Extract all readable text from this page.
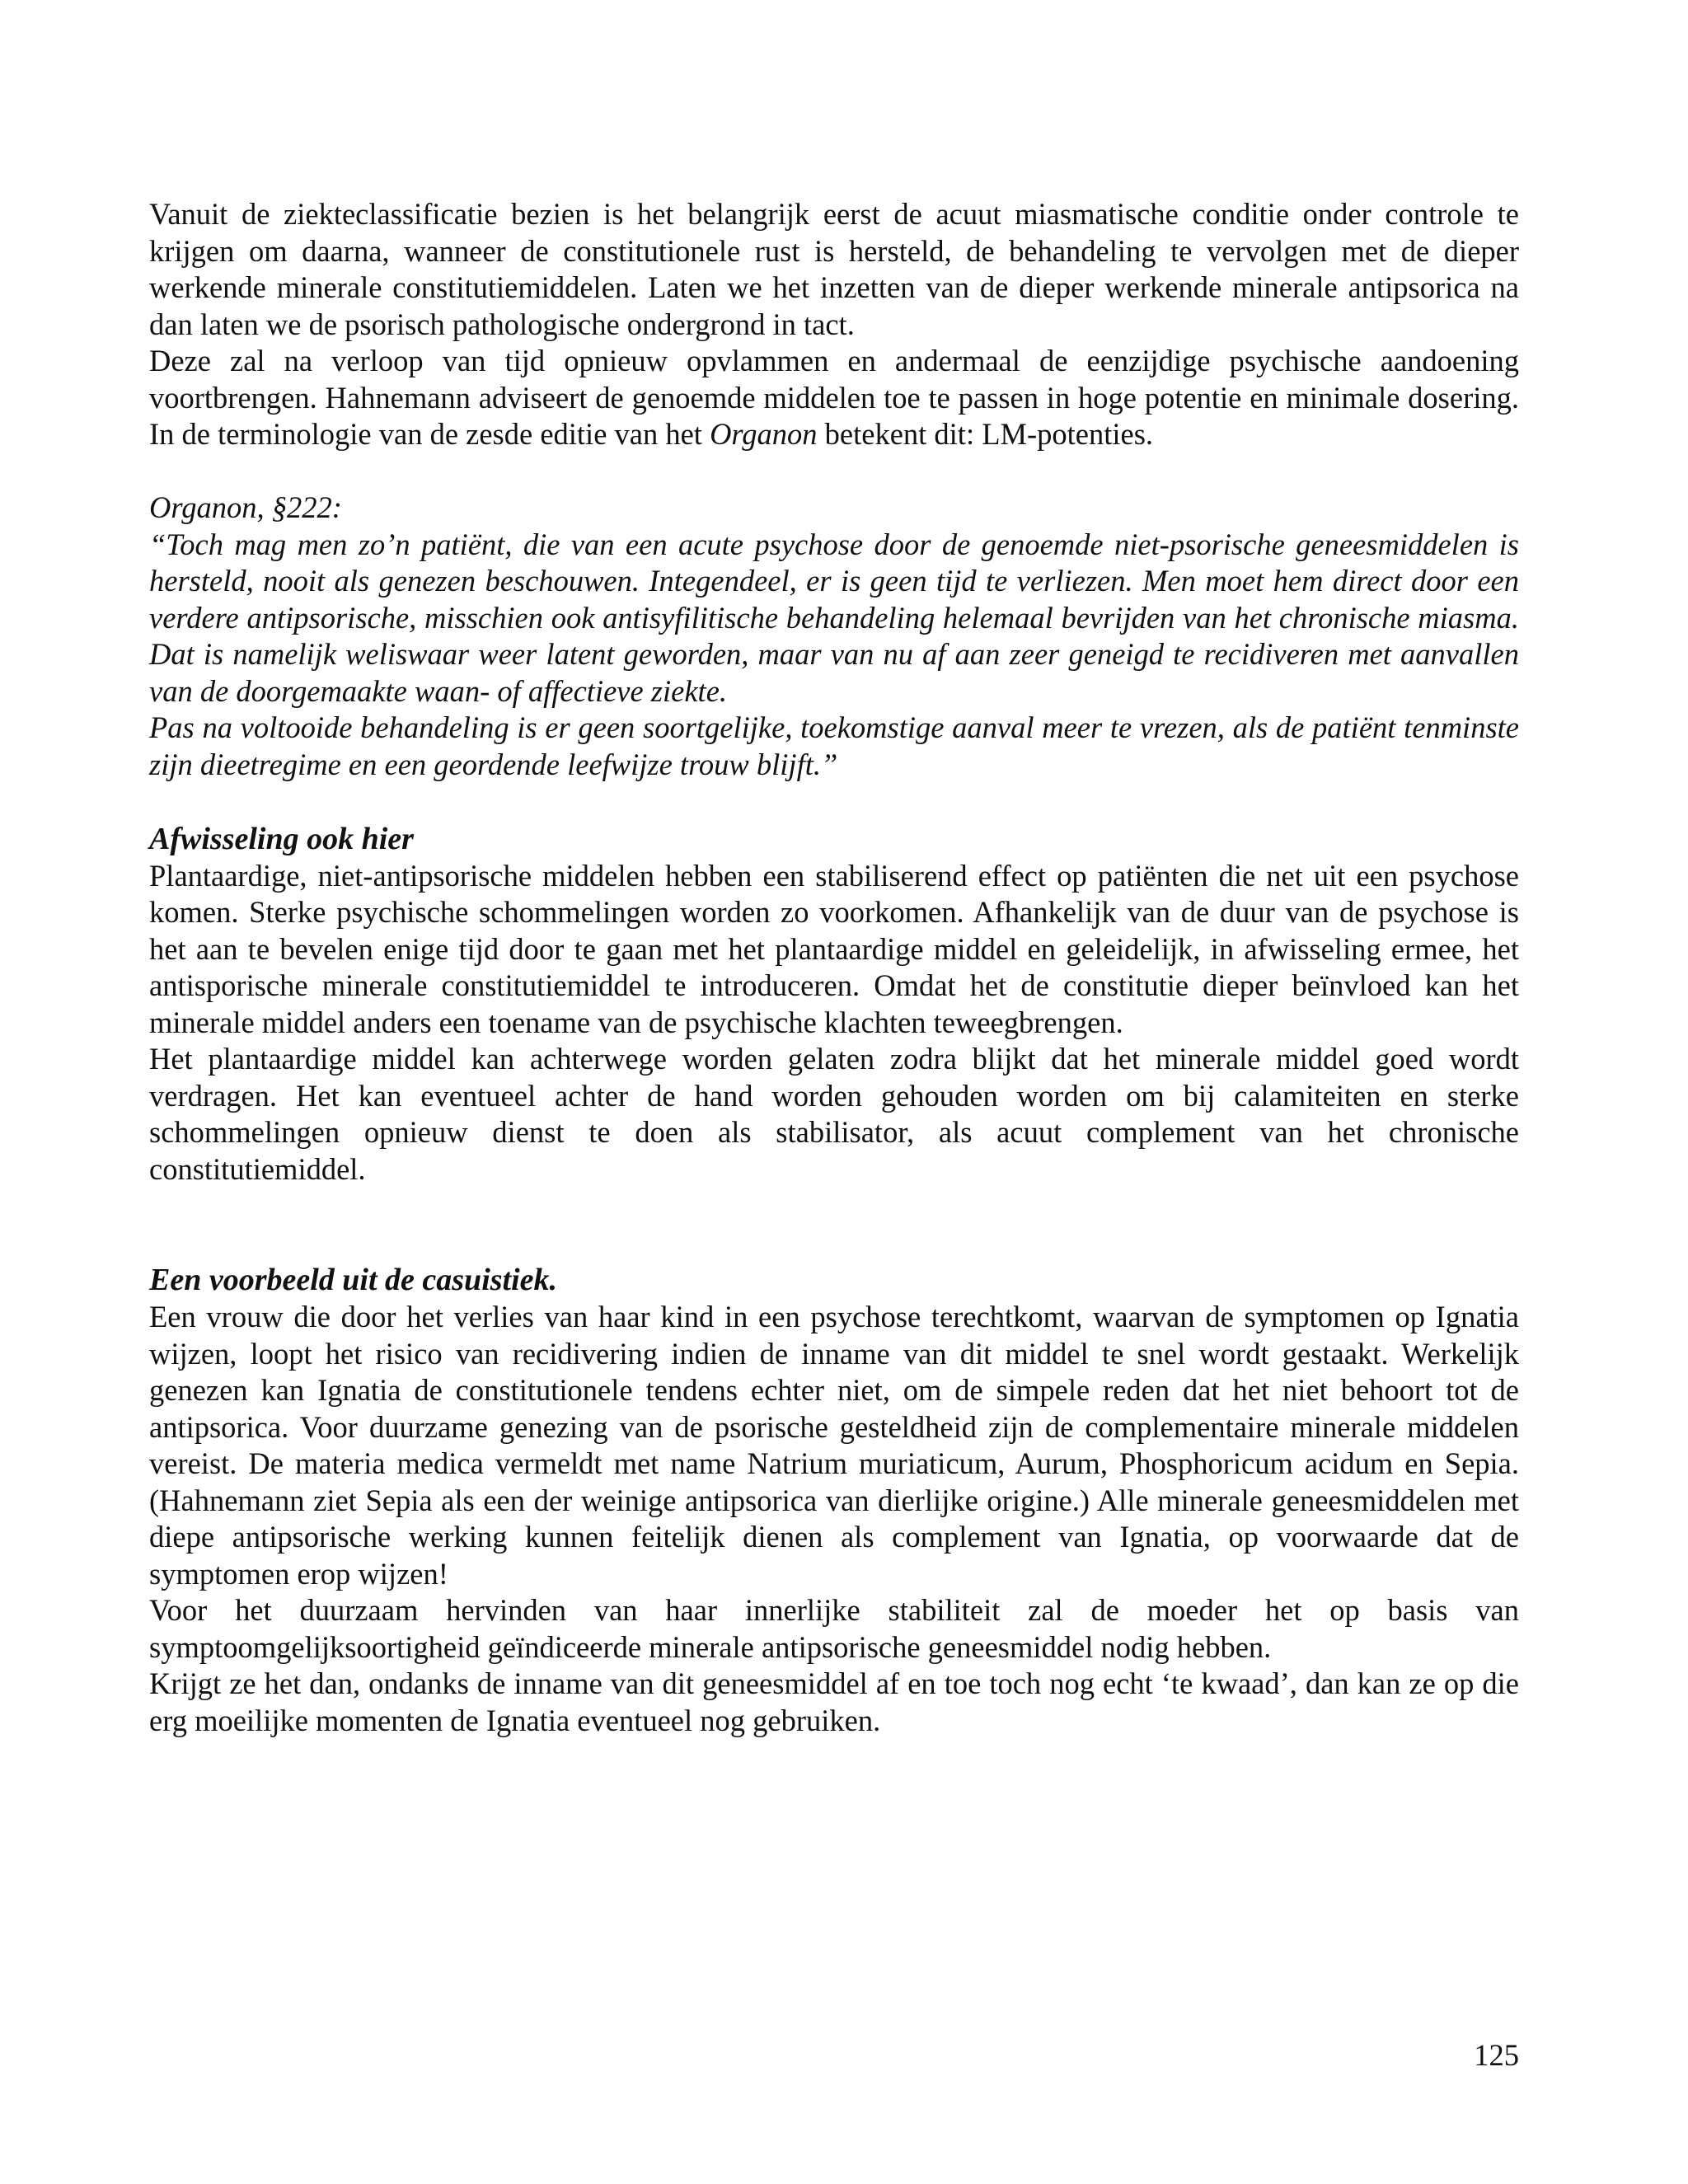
Vanuit de ziekteclassificatie bezien is het belangrijk eerst de acuut miasmatische conditie onder controle te krijgen om daarna, wanneer de constitutionele rust is hersteld, de behandeling te vervolgen met de dieper werkende minerale constitutiemiddelen. Laten we het inzetten van de dieper werkende minerale antipsorica na dan laten we de psorisch pathologische ondergrond in tact.

Deze zal na verloop van tijd opnieuw opvlammen en andermaal de eenzijdige psychische aandoening voortbrengen. Hahnemann adviseert de genoemde middelen toe te passen in hoge potentie en minimale dosering. In de terminologie van de zesde editie van het Organon betekent dit: LM-potenties.

Organon, §222:

“Toch mag men zo’n patiënt, die van een acute psychose door de genoemde niet-psorische geneesmiddelen is hersteld, nooit als genezen beschouwen. Integendeel, er is geen tijd te verliezen. Men moet hem direct door een verdere antipsorische, misschien ook antisyfilitische behandeling helemaal bevrijden van het chronische miasma. Dat is namelijk weliswaar weer latent geworden, maar van nu af aan zeer geneigd te recidiveren met aanvallen van de doorgemaakte waan- of affectieve ziekte.

Pas na voltooide behandeling is er geen soortgelijke, toekomstige aanval meer te vrezen, als de patiënt tenminste zijn dieetregime en een geordende leefwijze trouw blijft.”

Afwisseling ook hier

Plantaardige, niet-antipsorische middelen hebben een stabiliserend effect op patiënten die net uit een psychose komen. Sterke psychische schommelingen worden zo voorkomen. Afhankelijk van de duur van de psychose is het aan te bevelen enige tijd door te gaan met het plantaardige middel en geleidelijk, in afwisseling ermee, het antisporische minerale constitutiemiddel te introduceren. Omdat het de constitutie dieper beïnvloed kan het minerale middel anders een toename van de psychische klachten teweegbrengen.

Het plantaardige middel kan achterwege worden gelaten zodra blijkt dat het minerale middel goed wordt verdragen. Het kan eventueel achter de hand worden gehouden worden om bij calamiteiten en sterke schommelingen opnieuw dienst te doen als stabilisator, als acuut complement van het chronische constitutiemiddel.

Een voorbeeld uit de casuistiek.

Een vrouw die door het verlies van haar kind in een psychose terechtkomt, waarvan de symptomen op Ignatia wijzen, loopt het risico van recidivering indien de inname van dit middel te snel wordt gestaakt. Werkelijk genezen kan Ignatia de constitutionele tendens echter niet, om de simpele reden dat het niet behoort tot de antipsorica. Voor duurzame genezing van de psorische gesteldheid zijn de complementaire minerale middelen vereist. De materia medica vermeldt met name Natrium muriaticum, Aurum, Phosphoricum acidum en Sepia. (Hahnemann ziet Sepia als een der weinige antipsorica van dierlijke origine.) Alle minerale geneesmiddelen met diepe antipsorische werking kunnen feitelijk dienen als complement van Ignatia, op voorwaarde dat de symptomen erop wijzen!

Voor het duurzaam hervinden van haar innerlijke stabiliteit zal de moeder het op basis van symptoomgelijksoortigheid geïndiceerde minerale antipsorische geneesmiddel nodig hebben.

Krijgt ze het dan, ondanks de inname van dit geneesmiddel af en toe toch nog echt ‘te kwaad’, dan kan ze op die erg moeilijke momenten de Ignatia eventueel nog gebruiken.

125
